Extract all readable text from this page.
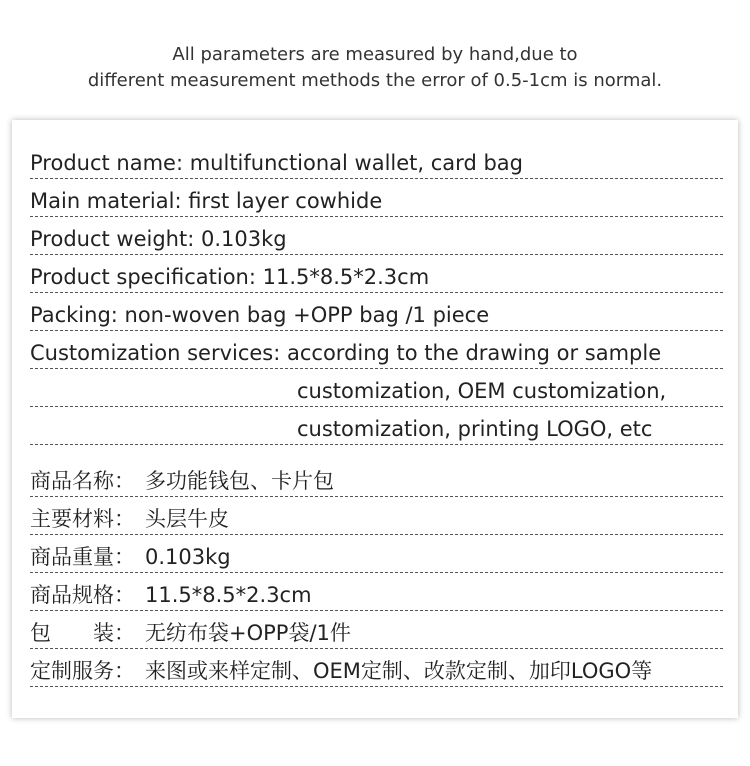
All parameters are measured by hand,due to
different measurement methods the error of 0.5-1cm is normal.
Product name: multifunctional wallet, card bag
Main material: first layer cowhide
Product weight: 0.103kg
Product specification: 11.5*8.5*2.3cm
Packing: non-woven bag +OPP bag /1 piece
Customization services: according to the drawing or sample
customization, OEM customization,
customization, printing LOGO, etc
商品名称： 多功能钱包、卡片包
主要材料： 头层牛皮
商品重量： 0.103kg
商品规格： 11.5*8.5*2.3cm
包　　装： 无纺布袋+OPP袋/1件
定制服务： 来图或来样定制、OEM定制、改款定制、加印LOGO等
